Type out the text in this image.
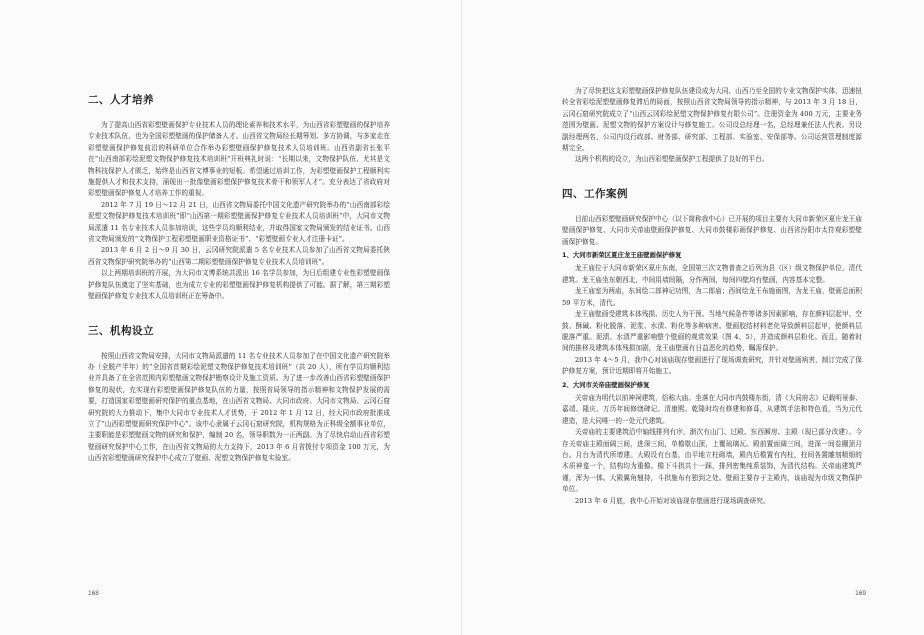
二、人才培养

为了提高山西省彩塑壁画保护专业技术人员的理论素养和技术水平，为山西省彩塑壁画的保护培养专业技术队伍，也为全国彩塑壁画的保护储备人才。山西省文物局经长期筹划、多方协调，与多家走在彩塑壁画保护修复前沿的科研单位合作举办彩塑壁画保护修复技术人员培训班。山西省副省长张平在“山西南部彩绘泥塑文物保护修复技术培训班”开班典礼时说：“长期以来，文物保护队伍、尤其是文物科技保护人才匮乏，始终是山西省文博事业的短板。希望通过培训工作，为彩塑壁画保护工程顺利实施提供人才和技术支持，涌现出一批像壁画彩塑保护修复技术骨干和领军人才”。充分表达了省政府对彩塑壁画保护修复人才培养工作的重视。

2012 年 7 月 19 日～12 月 21 日，山西省文物局委托中国文化遗产研究院举办的“山西南部彩绘泥塑文物保护修复技术培训班”即“山西第一期彩塑壁画保护修复专业技术人员培训班”中，大同市文物局派遣 11 名专业技术人员参加培训，这些学员均顺利结业，并取得国家文物局颁发的结业证书、山西省文物局颁发的“文物保护工程彩塑壁画职业资格证书”、“彩塑壁画专业人才注册卡证”。

2013 年 6 月 2 日～9 月 30 日，云冈研究院派遣 5 名专业技术人员参加了山西省文物局委托陕西省文物保护研究院举办的“山西第二期彩塑壁画保护修复专业技术人员培训班”。

以上两期培训班的开展，为大同市文博系统共派出 16 名学员参加，为日后组建专业性彩塑壁画保护修复队伍奠定了坚实基础，也为成立专业的彩塑壁画保护修复机构提供了可能。据了解，第三期彩塑壁画保护修复专业技术人员培训班正在筹备中。

三、机构设立

按照山西省文物局安排，大同市文物局派遣的 11 名专业技术人员参加了在中国文化遗产研究院举办（全脱产半年）的“全国省首期彩绘泥塑文物保护修复技术培训班”（共 20 人），所有学员均顺利结业并具备了在全省范围内彩塑壁画文物保护勘察设计及施工资质。为了进一步改善山西省彩塑壁画保护修复的现状，充实现有彩塑壁画保护修复队伍的力量，按照省局领导的指示精神和文物保护发展的需要，打造国家彩塑壁画研究保护的重点基地，在山西省文物局、大同市政府、大同市文物局、云冈石窟研究院的大力推动下，集中大同市专业技术人才优势，于 2012 年 1 月 12 日，经大同市政府批准成立了“山西彩塑壁画研究保护中心”。该中心隶属于云冈石窟研究院，机构规格为正科级全额事业单位，主要职能是彩塑壁画文物的研究和保护，编制 20 名，领导职数为一正两副。为了尽快启动山西省彩塑壁画研究保护中心工作，在山西省文物局的大力支持下，2013 年 6 月省拨付专项资金 100 万元，为山西省彩塑壁画研究保护中心成立了壁画、泥塑文物保护修复实验室。

168

为了尽快把这支彩塑壁画保护修复队伍建设成为大同、山西乃至全国的专业文物保护实体，迅速扭转全省彩绘泥塑壁画修复滞后的局面，按照山西省文物局领导的指示精神，与 2013 年 3 月 18 日，云冈石窟研究院成立了“山西云冈彩绘泥塑文物保护修复有限公司”。注册资金为 400 万元，主要业务范围为壁画、泥塑文物的保护方案设计与修复施工。公司设总经理一名，总经理兼任法人代表。另设副经理两名，公司内设行政部、财务部、研究部、工程部、实验室、安保部等。公司运营管理制度源期完全。

这两个机构的设立，为山西彩塑壁画保护工程提供了良好的平台。

四、工作案例

目前山西彩塑壁画研究保护中心（以下简称我中心）已开展的项目主要有大同市新荣区夏庄龙王庙壁画保护修复、大同市关帝庙壁画保护修复、大同市鼓楼彩画保护修复、山西省汾阳市太符观彩塑壁画保护修复。

1、大同市新荣区夏庄龙王庙壁画保护修复

龙王庙位于大同市新荣区夏庄东南，全国第三次文物普查之后列为县（区）级文物保护单位，清代建筑。龙王庙坐东朝西北，中间用墙间隔，分作两间，每间四壁均有壁画，内容基本完整。

龙王庙室为两庙，东间绘二郎神记功图，为二郎庙；西间绘龙王布施雨图，为龙王庙，壁画总面积 59 平方米，清代。

龙王庙壁画受建筑本体残损、历史人为干预、当地气候条件等诸多因素影响，存在颜料层起甲、空鼓、酥碱、粉化脱落、泥浆、水渍、粉化等多种病害。壁画胶结材料老化导致颜料层起甲，使颜料层脱落严重。泥渍、水渍严重影响整个壁画的观赏效果（图 4、5），并造成颜料层粉化。而且，随着时间的推移及建筑本体残损加剧，龙王庙壁画有日益恶化的趋势，瞩需保护。

2013 年 4～5 月，我中心对该庙现存壁画进行了现场调查研究，并针对壁画病害，制订完成了保护修复方案，预计近期即将开始施工。

2、大同市关帝庙壁画保护修复

关帝庙为明代以前神祠建筑，俗称大庙。坐落在大同市内鼓楼东街，清《大同府志》记载明景泰、嘉靖、隆庆、万历年间修缮碑记。清康熙、乾隆时均有修建和修葺，从建筑手法和特色看，当为元代建造，是大同唯一的一处元代建筑。

关帝庙的主要建筑沿中轴线排列有序，渐次有山门、过殿、东西厢房、主殿（现已部分改建）。今存关帝庙主殿面阔三间，进深三间，单檐歇山顶，上覆琉璃瓦。殿前置面阔三间，进深一间卷棚顶月台。月台为清代所增建。大殿设有台基，由平地立柱砌墙，殿内后檐置有内柱，柱间各置雕刻精细的木质神龛一个，结构均为重檐。檐下斗拱共十一踩，排列密集纯系装饰，为清代结构。关帝庙建筑严谨，浑为一体。大殿翼角翘持，斗拱施布有独到之处。壁画主要存于主殿内，该庙现为市级文物保护单位。

2013 年 6 月底，我中心开始对该庙现存壁画进行现场调查研究。

169
